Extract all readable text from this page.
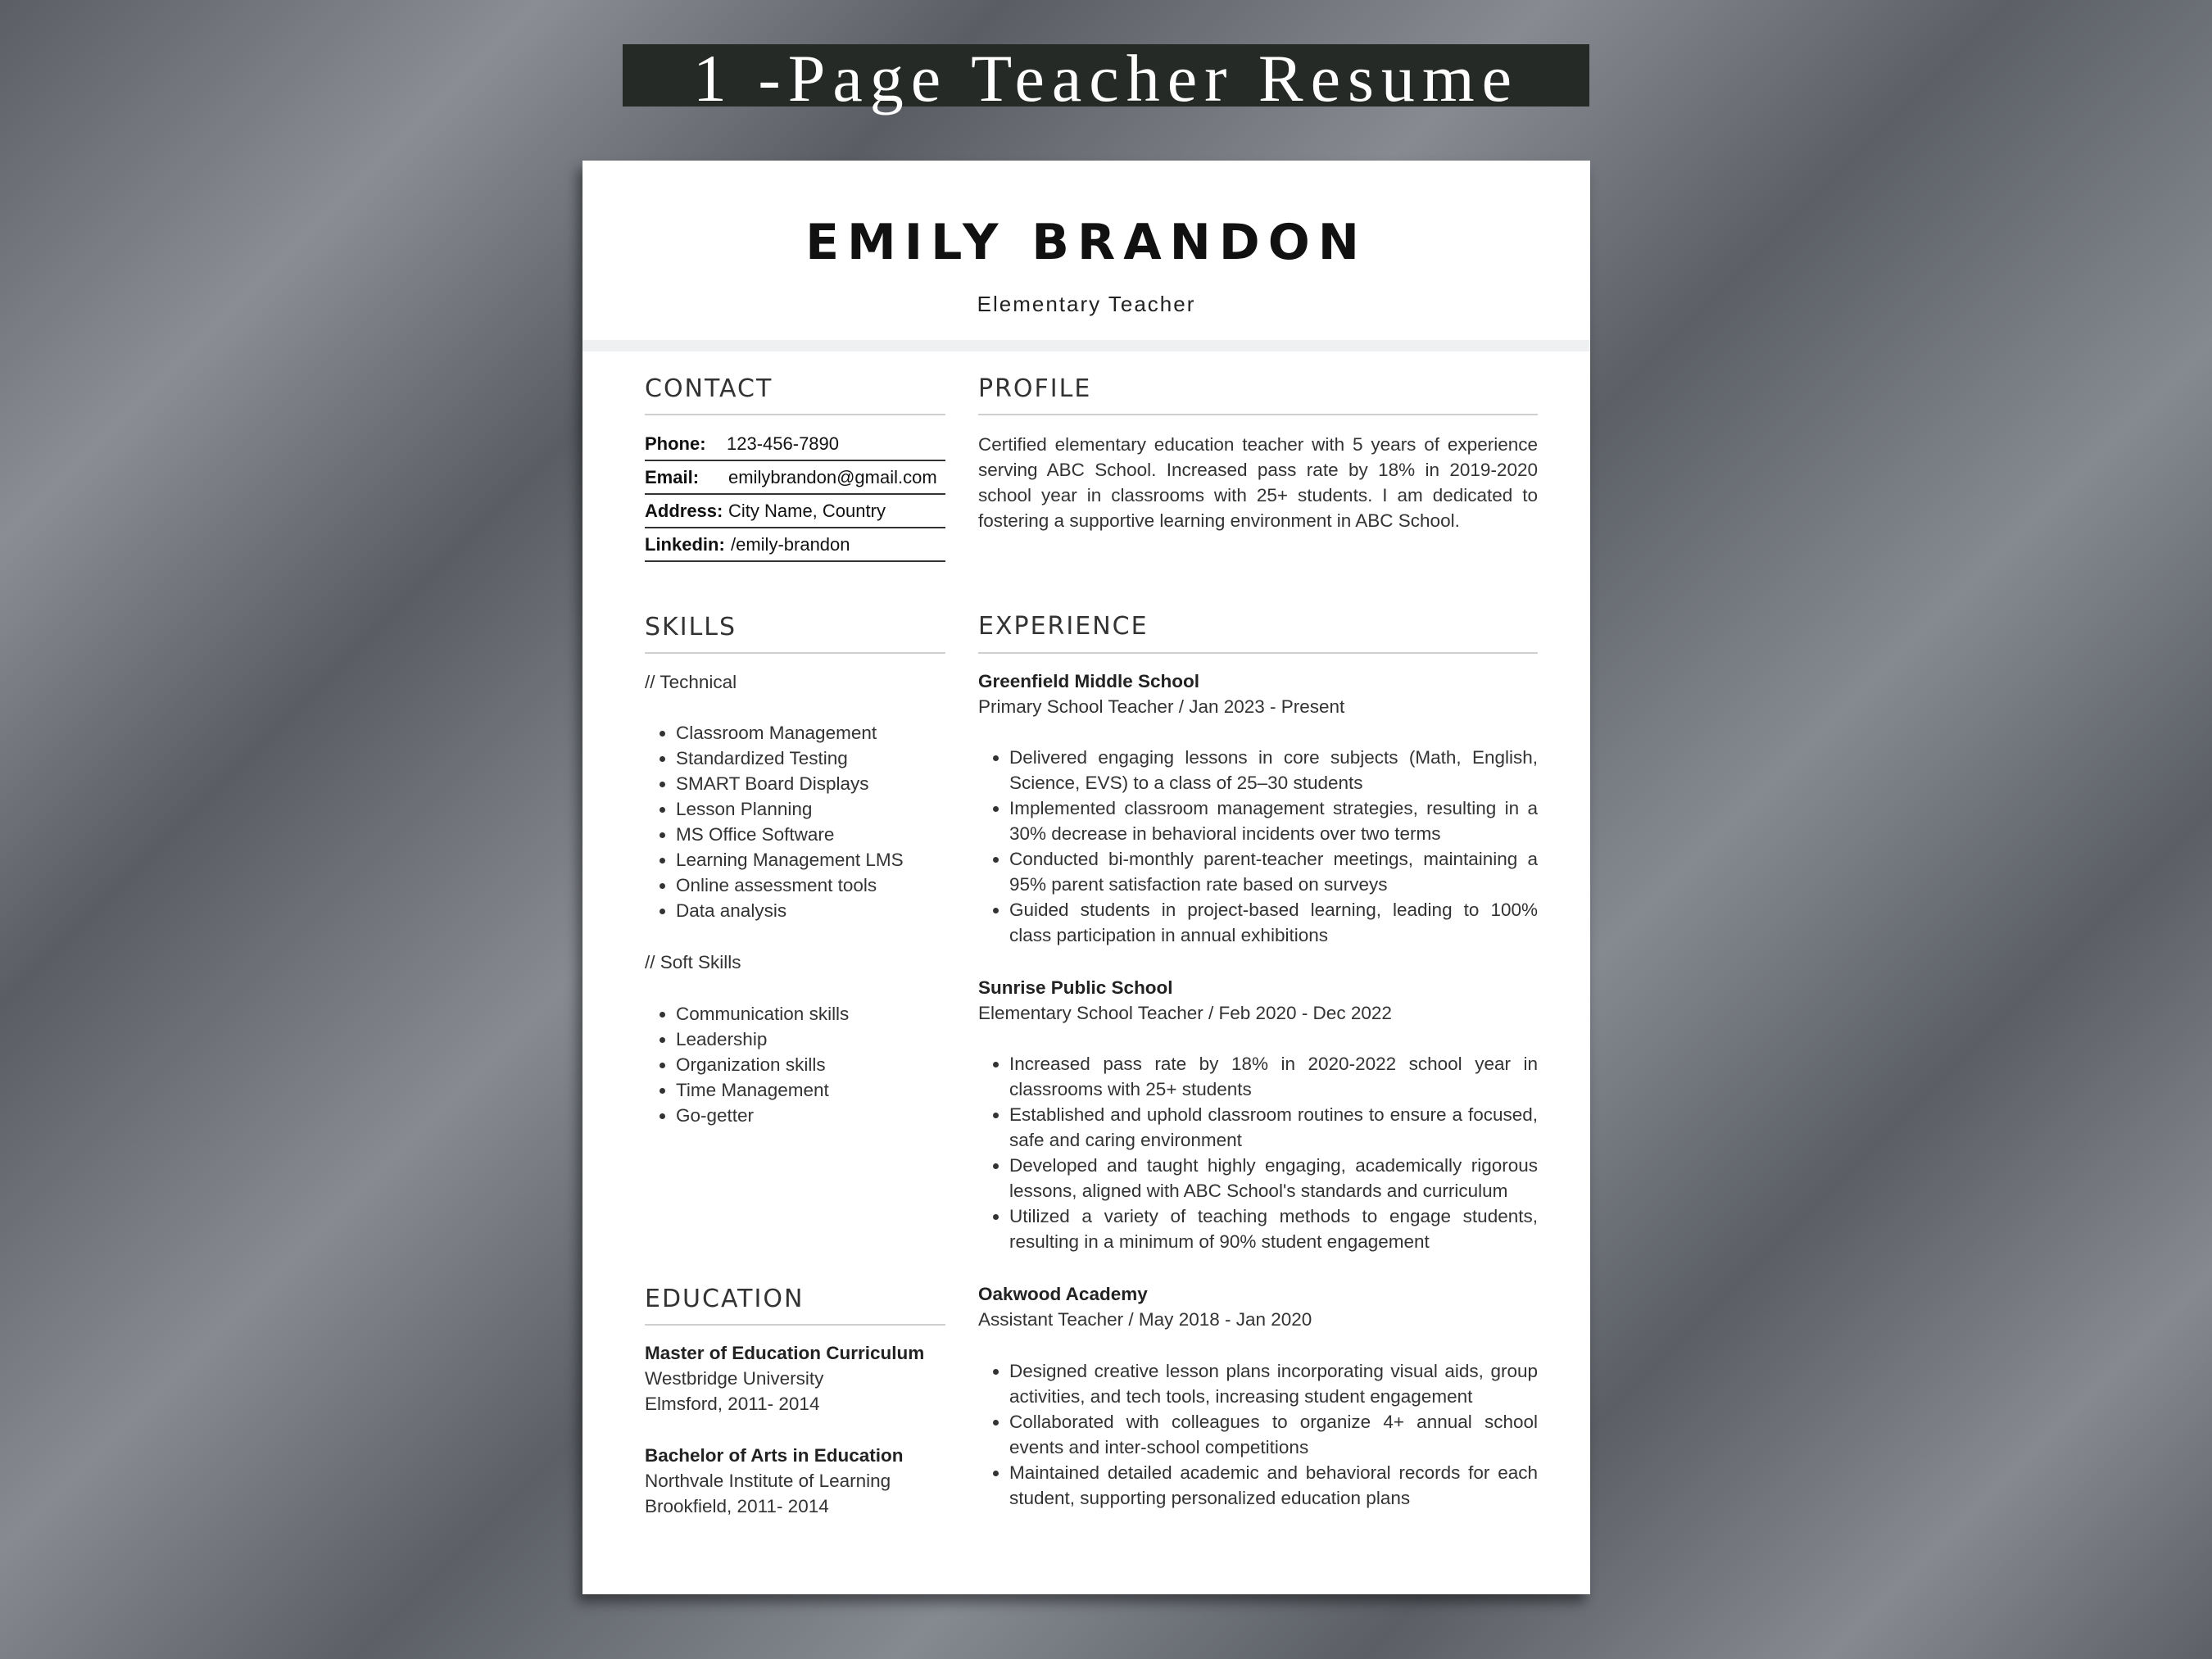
1 -Page Teacher Resume
EMILY BRANDON
Elementary Teacher
CONTACT
Phone: 123-456-7890
Email: emilybrandon@gmail.com
Address: City Name, Country
Linkedin: /emily-brandon
PROFILE
Certified elementary education teacher with 5 years of experience serving ABC School. Increased pass rate by 18% in 2019-2020 school year in classrooms with 25+ students. I am dedicated to fostering a supportive learning environment in ABC School.
SKILLS
// Technical
• Classroom Management
• Standardized Testing
• SMART Board Displays
• Lesson Planning
• MS Office Software
• Learning Management LMS
• Online assessment tools
• Data analysis
// Soft Skills
• Communication skills
• Leadership
• Organization skills
• Time Management
• Go-getter
EDUCATION
Master of Education Curriculum
Westbridge University
Elmsford, 2011- 2014
Bachelor of Arts in Education
Northvale Institute of Learning
Brookfield, 2011- 2014
EXPERIENCE
Greenfield Middle School
Primary School Teacher / Jan 2023 - Present
• Delivered engaging lessons in core subjects (Math, English, Science, EVS) to a class of 25–30 students
• Implemented classroom management strategies, resulting in a 30% decrease in behavioral incidents over two terms
• Conducted bi-monthly parent-teacher meetings, maintaining a 95% parent satisfaction rate based on surveys
• Guided students in project-based learning, leading to 100% class participation in annual exhibitions
Sunrise Public School
Elementary School Teacher / Feb 2020 - Dec 2022
• Increased pass rate by 18% in 2020-2022 school year in classrooms with 25+ students
• Established and uphold classroom routines to ensure a focused, safe and caring environment
• Developed and taught highly engaging, academically rigorous lessons, aligned with ABC School's standards and curriculum
• Utilized a variety of teaching methods to engage students, resulting in a minimum of 90% student engagement
Oakwood Academy
Assistant Teacher / May 2018 - Jan 2020
• Designed creative lesson plans incorporating visual aids, group activities, and tech tools, increasing student engagement
• Collaborated with colleagues to organize 4+ annual school events and inter-school competitions
• Maintained detailed academic and behavioral records for each student, supporting personalized education plans
